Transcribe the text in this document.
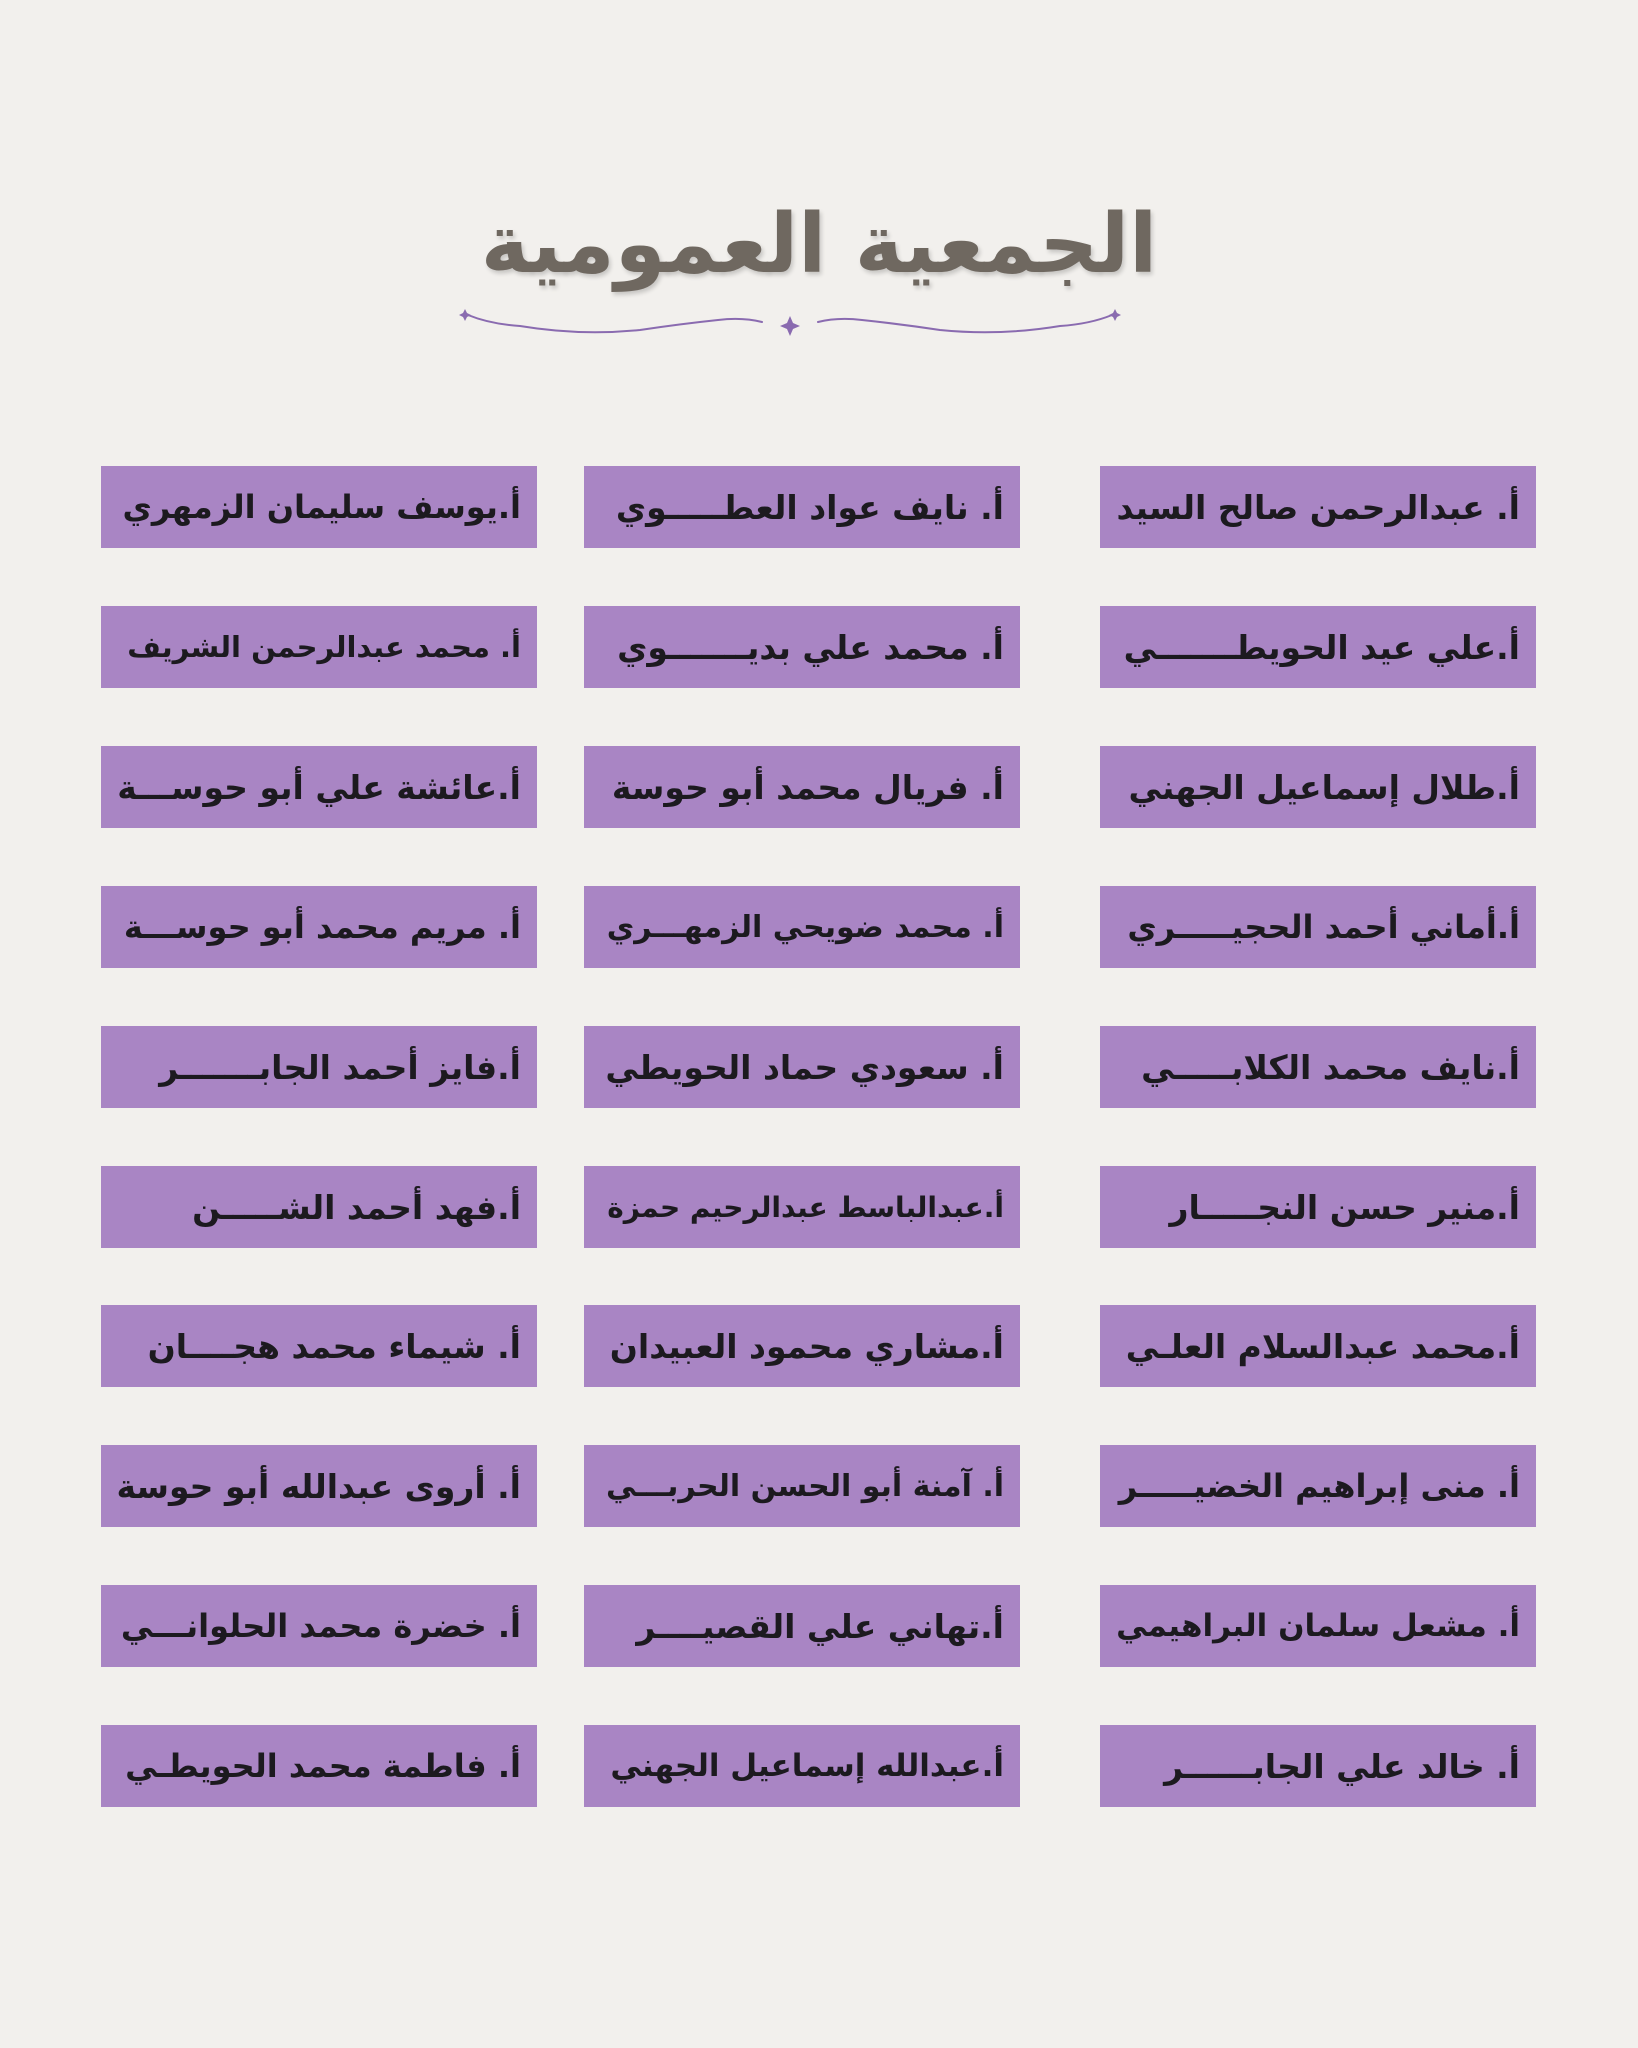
الجمعية العمومية
أ. عبدالرحمن صالح السيد
أ.علي عيد الحويطـــــــي
أ.طلال إسماعيل الجهني
أ.أماني أحمد الحجيـــــري
أ.نايف محمد الكلابـــــي
أ.منير حسن النجـــــار
أ.محمد عبدالسلام العلـي
أ. منى إبراهيم الخضيـــــر
أ. مشعل سلمان البراهيمي
أ. خالد علي الجابــــــر
أ. نايف عواد العطـــــوي
أ. محمد علي بديـــــــوي
أ. فريال محمد أبو حوسة
أ. محمد ضويحي الزمهـــري
أ. سعودي حماد الحويطي
أ.عبدالباسط عبدالرحيم حمزة
أ.مشاري محمود العبيدان
أ. آمنة أبو الحسن الحربـــي
أ.تهاني علي القصيــــر
أ.عبدالله إسماعيل الجهني
أ.يوسف سليمان الزمهري
أ. محمد عبدالرحمن الشريف
أ.عائشة علي أبو حوســـة
أ. مريم محمد أبو حوســـة
أ.فايز أحمد الجابـــــــر
أ.فهد أحمد الشـــــن
أ. شيماء محمد هجــــان
أ. أروى عبدالله أبو حوسة
أ. خضرة محمد الحلوانـــي
أ. فاطمة محمد الحويطـي
